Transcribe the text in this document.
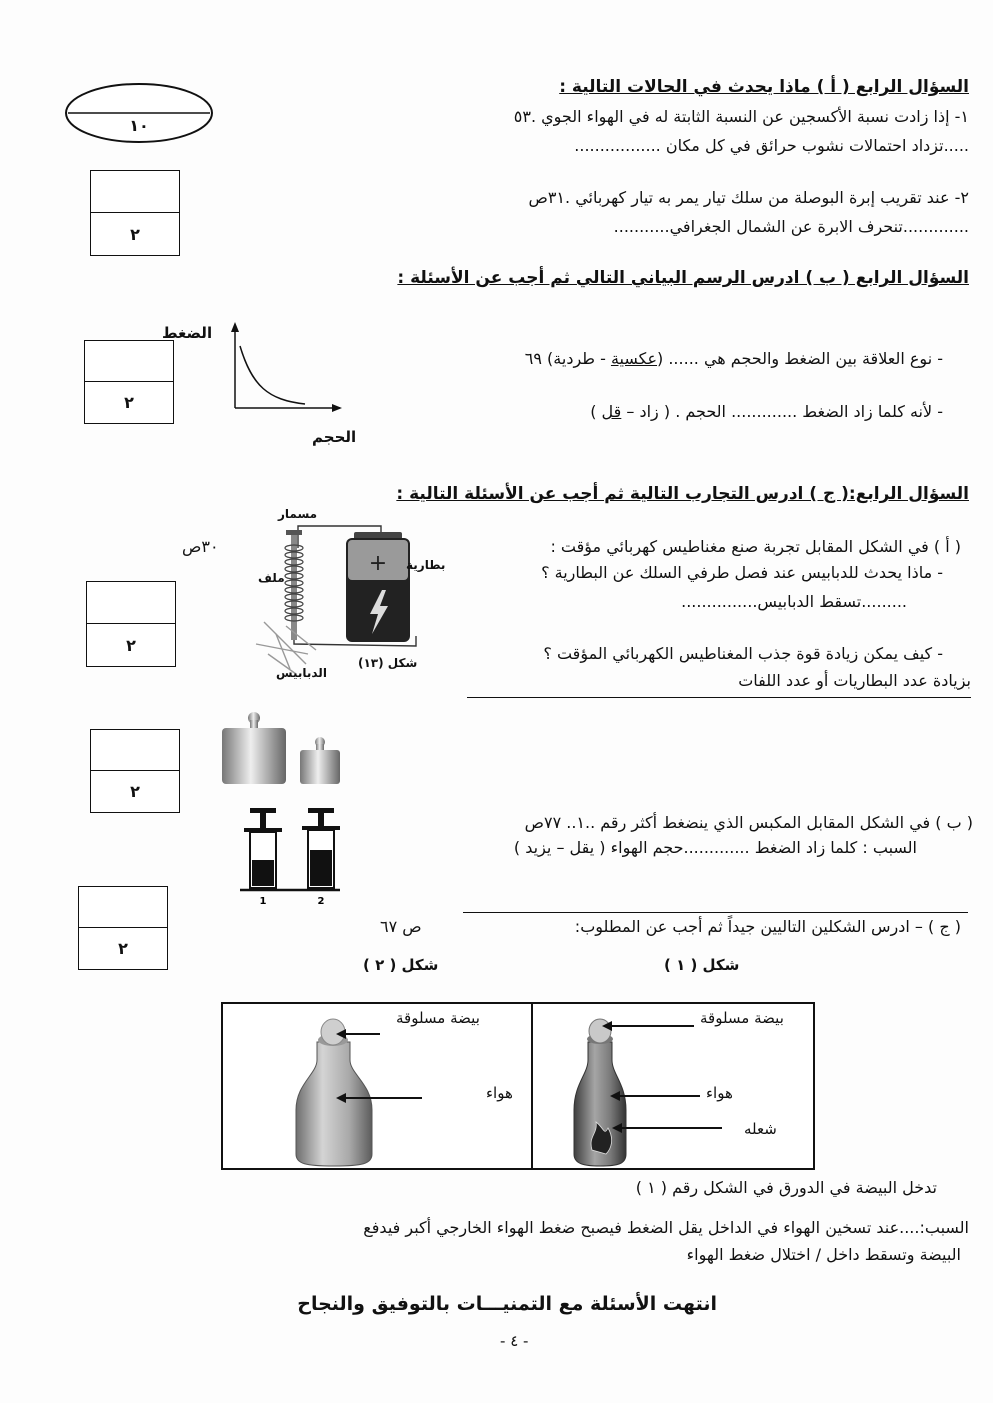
١٠
٢
٢
٢
٢
٢
السؤال الرابع ( أ ) ماذا يحدث في الحالات التالية :
١- إذا زادت نسبة الأكسجين عن النسبة الثابتة له في الهواء الجوي .٥٣
.....تزداد احتمالات نشوب حرائق في كل مكان .................
٢- عند تقريب إبرة البوصلة من سلك تيار يمر به تيار كهربائي .٣١ص
.............تنحرف الابرة عن الشمال الجغرافي...........
السؤال الرابع ( ب ) ادرس الرسم البياني التالي ثم أجب عن الأسئلة :
الضغط
الحجم
- نوع العلاقة بين الضغط والحجم هي ...... (عكسية - طردية) ٦٩
- لأنه كلما زاد الضغط ............. الحجم . ( زاد – قل )
السؤال الرابع:( ج ) ادرس التجارب التالية ثم أجب عن الأسئلة التالية :
٣٠ص
+
مسمار
بطارية
ملف
شكل (١٣)
الدبابيس
( أ ) في الشكل المقابل تجربة صنع مغناطيس كهربائي مؤقت :
- ماذا يحدث للدبابيس عند فصل طرفي السلك عن البطارية ؟
.........تسقط الدبابيس...............
- كيف يمكن زيادة قوة جذب المغناطيس الكهربائي المؤقت ؟
بزيادة عدد البطاريات أو عدد اللفات
1	2
( ب ) في الشكل المقابل المكبس الذي ينضغط أكثر رقم ..١.. ٧٧ص
السبب : كلما زاد الضغط .............حجم الهواء ( يقل – يزيد )
( ج ) – ادرس الشكلين التاليين جيداً ثم أجب عن المطلوب:
ص ٦٧
شكل ( ١ )
شكل ( ٢ )
بيضة مسلوقة
هواء
بيضة مسلوقة
هواء
شعله
تدخل البيضة في الدورق في الشكل رقم ( ١ )
السبب:....عند تسخين الهواء في الداخل يقل الضغط فيصبح ضغط الهواء الخارجي أكبر فيدفع
البيضة وتسقط داخل / اختلال ضغط الهواء
انتهت الأسئلة مع التمنيـــات بالتوفيق والنجاح
- ٤ -
